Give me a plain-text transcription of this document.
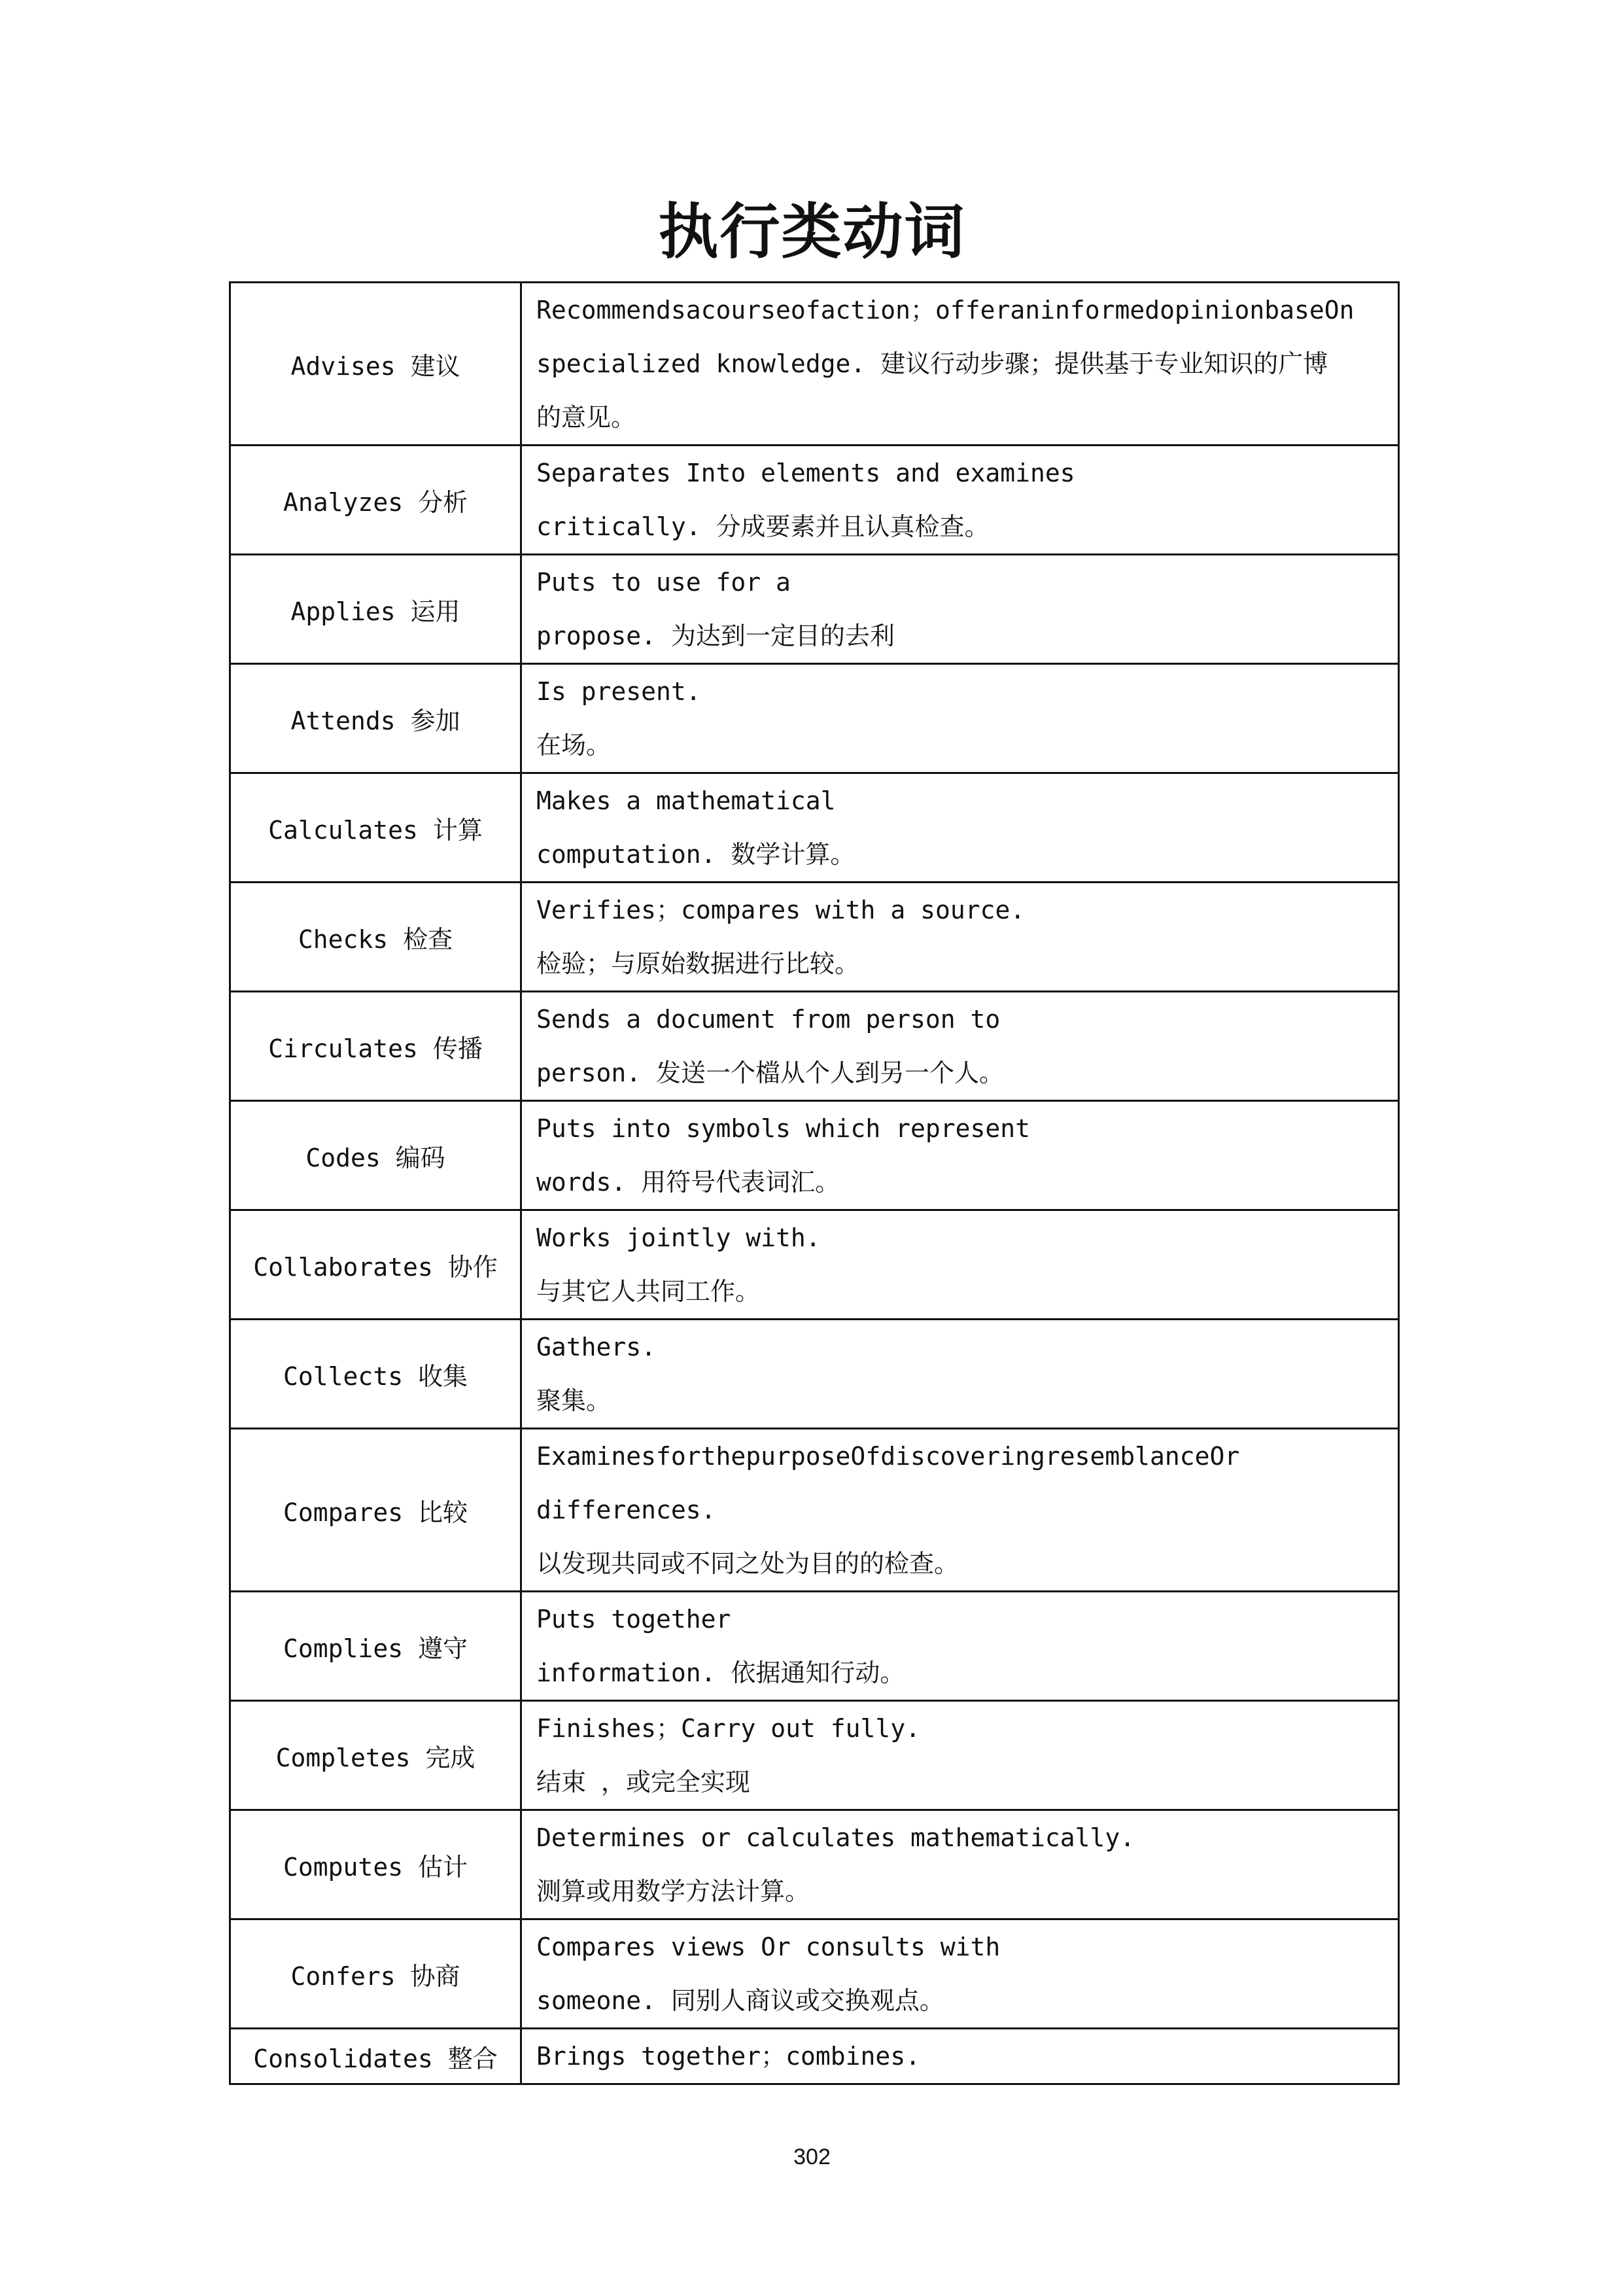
执行类动词
Advises 建议	Recommendsacourseofaction；offeraninformedopinionbaseOn
specialized knowledge. 建议行动步骤；提供基于专业知识的广博
的意见。

Analyzes 分析	Separates Into elements and examines
critically. 分成要素并且认真检查。

Applies 运用	Puts to use for a
propose. 为达到一定目的去利

Attends 参加	Is present.
在场。

Calculates 计算	Makes a mathematical
computation. 数学计算。

Checks 检查	Verifies；compares with a source.
检验；与原始数据进行比较。

Circulates 传播	Sends a document from person to
person. 发送一个檔从个人到另一个人。

Codes 编码	Puts into symbols which represent
words. 用符号代表词汇。

Collaborates 协作	Works jointly with.
与其它人共同工作。

Collects 收集	Gathers.
聚集。

Compares 比较	ExaminesforthepurposeOfdiscoveringresemblanceOr
differences.
以发现共同或不同之处为目的的检查。

Complies 遵守	Puts together
information. 依据通知行动。

Completes 完成	Finishes；Carry out fully.
结束 ，或完全实现

Computes 估计	Determines or calculates mathematically.
测算或用数学方法计算。

Confers 协商	Compares views Or consults with
someone. 同别人商议或交换观点。

Consolidates 整合	Brings together；combines.
302
